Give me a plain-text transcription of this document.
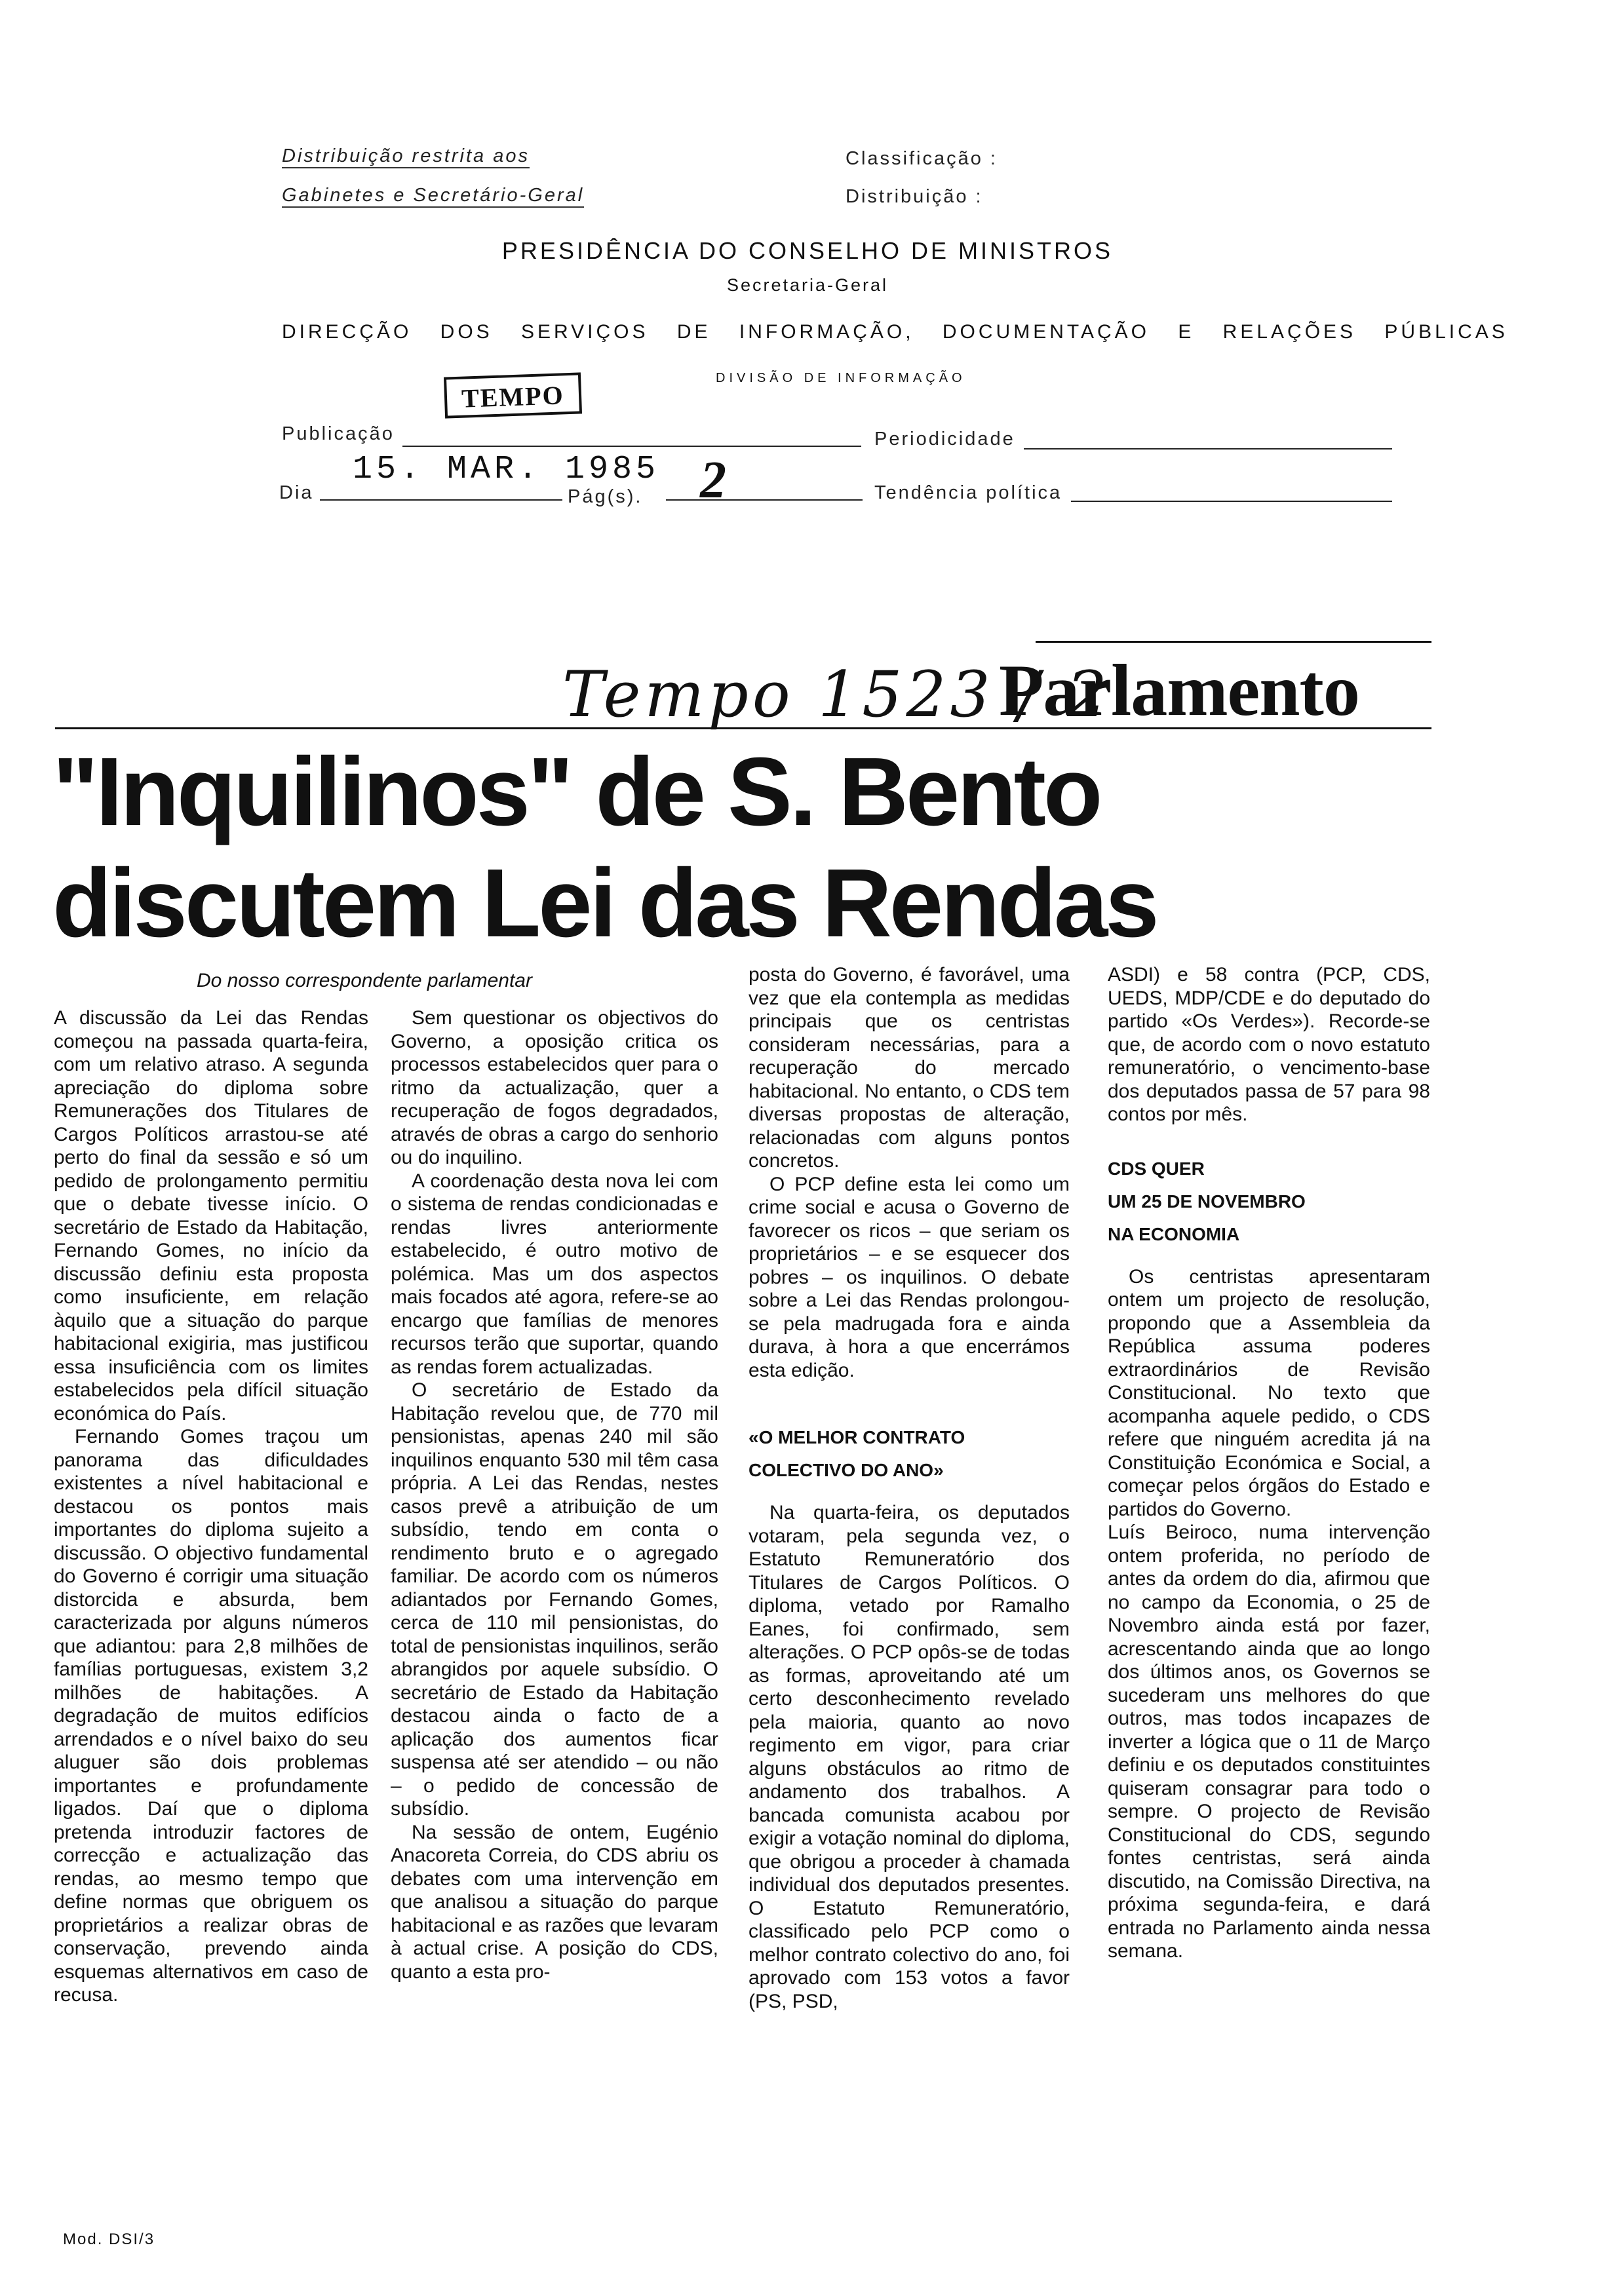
Distribuição restrita aos
Gabinetes e Secretário-Geral
Classificação :
Distribuição :
PRESIDÊNCIA DO CONSELHO DE MINISTROS
Secretaria-Geral
DIRECÇÃO DOS SERVIÇOS DE INFORMAÇÃO, DOCUMENTAÇÃO E RELAÇÕES PÚBLICAS
DIVISÃO DE INFORMAÇÃO
TEMPO
Publicação	Periodicidade
Dia
15. MAR. 1985
Pág(s). 2	Tendência política
Tempo 1523 / 2
Parlamento
"Inquilinos" de S. Bento
discutem Lei das Rendas
Do nosso correspondente parlamentar

A discussão da Lei das Rendas começou na passada quarta-feira, com um relativo atraso. A segunda apreciação do diploma sobre Remunerações dos Titulares de Cargos Políticos arrastou-se até perto do final da sessão e só um pedido de prolongamento permitiu que o debate tivesse início. O secretário de Estado da Habitação, Fernando Gomes, no início da discussão definiu esta proposta como insuficiente, em relação àquilo que a situação do parque habitacional exigiria, mas justificou essa insuficiência com os limites estabelecidos pela difícil situação económica do País.

Fernando Gomes traçou um panorama das dificuldades existentes a nível habitacional e destacou os pontos mais importantes do diploma sujeito a discussão. O objectivo fundamental do Governo é corrigir uma situação distorcida e absurda, bem caracterizada por alguns números que adiantou: para 2,8 milhões de famílias portuguesas, existem 3,2 milhões de habitações. A degradação de muitos edifícios arrendados e o nível baixo do seu aluguer são dois problemas importantes e profundamente ligados. Daí que o diploma pretenda introduzir factores de correcção e actualização das rendas, ao mesmo tempo que define normas que obriguem os proprietários a realizar obras de conservação, prevendo ainda esquemas alternativos em caso de recusa.

Sem questionar os objectivos do Governo, a oposição critica os processos estabelecidos quer para o ritmo da actualização, quer a recuperação de fogos degradados, através de obras a cargo do senhorio ou do inquilino.

A coordenação desta nova lei com o sistema de rendas condicionadas e rendas livres anteriormente estabelecido, é outro motivo de polémica. Mas um dos aspectos mais focados até agora, refere-se ao encargo que famílias de menores recursos terão que suportar, quando as rendas forem actualizadas.

O secretário de Estado da Habitação revelou que, de 770 mil pensionistas, apenas 240 mil são inquilinos enquanto 530 mil têm casa própria. A Lei das Rendas, nestes casos prevê a atribuição de um subsídio, tendo em conta o rendimento bruto e o agregado familiar. De acordo com os números adiantados por Fernando Gomes, cerca de 110 mil pensionistas, do total de pensionistas inquilinos, serão abrangidos por aquele subsídio. O secretário de Estado da Habitação destacou ainda o facto de a aplicação dos aumentos ficar suspensa até ser atendido – ou não – o pedido de concessão de subsídio.

Na sessão de ontem, Eugénio Anacoreta Correia, do CDS abriu os debates com uma intervenção em que analisou a situação do parque habitacional e as razões que levaram à actual crise. A posição do CDS, quanto a esta pro-

posta do Governo, é favorável, uma vez que ela contempla as medidas principais que os centristas consideram necessárias, para a recuperação do mercado habitacional. No entanto, o CDS tem diversas propostas de alteração, relacionadas com alguns pontos concretos.

O PCP define esta lei como um crime social e acusa o Governo de favorecer os ricos – que seriam os proprietários – e se esquecer dos pobres – os inquilinos. O debate sobre a Lei das Rendas prolongou-se pela madrugada fora e ainda durava, à hora a que encerrámos esta edição.

«O MELHOR CONTRATO
COLECTIVO DO ANO»

Na quarta-feira, os deputados votaram, pela segunda vez, o Estatuto Remuneratório dos Titulares de Cargos Políticos. O diploma, vetado por Ramalho Eanes, foi confirmado, sem alterações. O PCP opôs-se de todas as formas, aproveitando até um certo desconhecimento revelado pela maioria, quanto ao novo regimento em vigor, para criar alguns obstáculos ao ritmo de andamento dos trabalhos. A bancada comunista acabou por exigir a votação nominal do diploma, que obrigou a proceder à chamada individual dos deputados presentes. O Estatuto Remuneratório, classificado pelo PCP como o melhor contrato colectivo do ano, foi aprovado com 153 votos a favor (PS, PSD,

ASDI) e 58 contra (PCP, CDS, UEDS, MDP/CDE e do deputado do partido «Os Verdes»). Recorde-se que, de acordo com o novo estatuto remuneratório, o vencimento-base dos deputados passa de 57 para 98 contos por mês.

CDS QUER
UM 25 DE NOVEMBRO
NA ECONOMIA

Os centristas apresentaram ontem um projecto de resolução, propondo que a Assembleia da República assuma poderes extraordinários de Revisão Constitucional. No texto que acompanha aquele pedido, o CDS refere que ninguém acredita já na Constituição Económica e Social, a começar pelos órgãos do Estado e partidos do Governo.

Luís Beiroco, numa intervenção ontem proferida, no período de antes da ordem do dia, afirmou que no campo da Economia, o 25 de Novembro ainda está por fazer, acrescentando ainda que ao longo dos últimos anos, os Governos se sucederam uns melhores do que outros, mas todos incapazes de inverter a lógica que o 11 de Março definiu e os deputados constituintes quiseram consagrar para todo o sempre. O projecto de Revisão Constitucional do CDS, segundo fontes centristas, será ainda discutido, na Comissão Directiva, na próxima segunda-feira, e dará entrada no Parlamento ainda nessa semana.

Mod. DSI/3
